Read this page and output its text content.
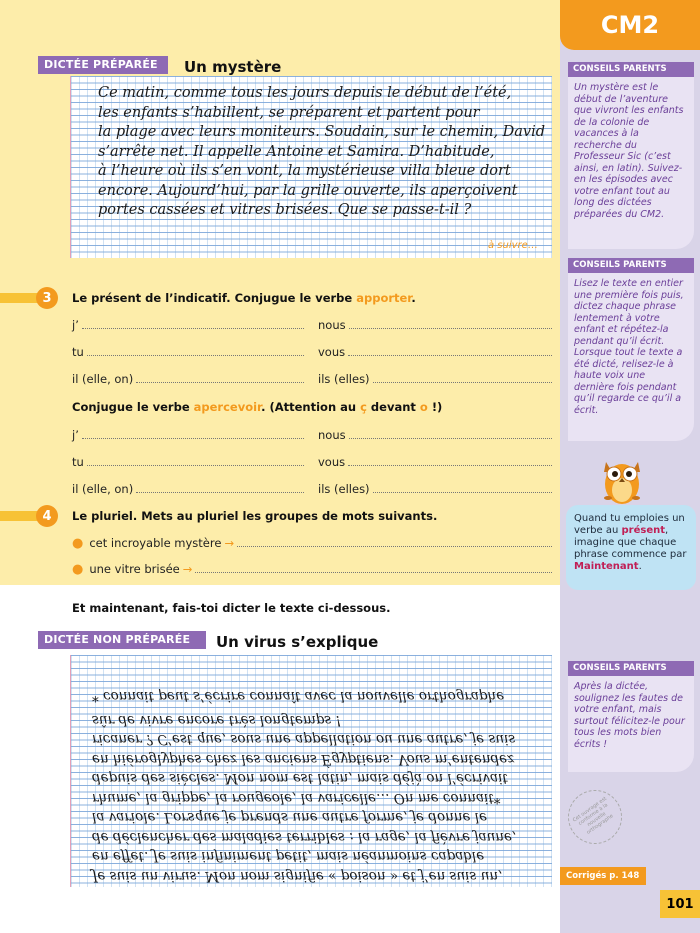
CM2
CONSEILS PARENTS
Un mystère est le début de l’aventure que vivront les enfants de la colonie de vacances à la recherche du Professeur Sic (c’est ainsi, en latin). Suivez-en les épisodes avec votre enfant tout au long des dictées préparées du CM2.
CONSEILS PARENTS
Lisez le texte en entier une première fois puis, dictez chaque phrase lentement à votre enfant et répétez-la pendant qu’il écrit. Lorsque tout le texte a été dicté, relisez-le à haute voix une dernière fois pendant qu’il regarde ce qu’il a écrit.
Quand tu emploies un verbe au présent, imagine que chaque phrase commence par Maintenant.
CONSEILS PARENTS
Après la dictée, soulignez les fautes de votre enfant, mais surtout félicitez-le pour tous les mots bien écrits !
Cet ouvrage est conforme à la nouvelle orthographe
Corrigés p. 148
101
DICTÉE PRÉPARÉE	Un mystère

Ce matin, comme tous les jours depuis le début de l’été,

les enfants s’habillent, se préparent et partent pour

la plage avec leurs moniteurs. Soudain, sur le chemin, David

s’arrête net. Il appelle Antoine et Samira. D’habitude,

à l’heure où ils s’en vont, la mystérieuse villa bleue dort

encore. Aujourd’hui, par la grille ouverte, ils aperçoivent

portes cassées et vitres brisées. Que se passe-t-il ?

à suivre…
3	Le présent de l’indicatif. Conjugue le verbe apporter.
j’	nous
tu	vous
il (elle, on)	ils (elles)
Conjugue le verbe apercevoir. (Attention au ç devant o !)
j’	nous
tu	vous
il (elle, on)	ils (elles)
4	Le pluriel. Mets au pluriel les groupes de mots suivants.
● cet incroyable mystère →
● une vitre brisée →
Et maintenant, fais-toi dicter le texte ci-dessous.
DICTÉE NON PRÉPARÉE	Un virus s’explique

Je suis un virus. Mon nom signifie « poison » et j’en suis un,

en effet. Je suis infiniment petit, mais néanmoins capable

de déclencher des maladies terribles : la rage, la fièvre jaune,

la variole. Lorsque je prends une autre forme, je donne le

rhume, la grippe, la rougeole, la varicelle… On me connait*

depuis des siècles. Mon nom est latin, mais déjà on l’écrivait

en hiéroglyphes chez les anciens Égyptiens. Vous m’entendez

ricaner ? C’est que, sous une appellation ou une autre, je suis

sûr de vivre encore très longtemps !

* connait peut s’écrire connaît avec la nouvelle orthographe
